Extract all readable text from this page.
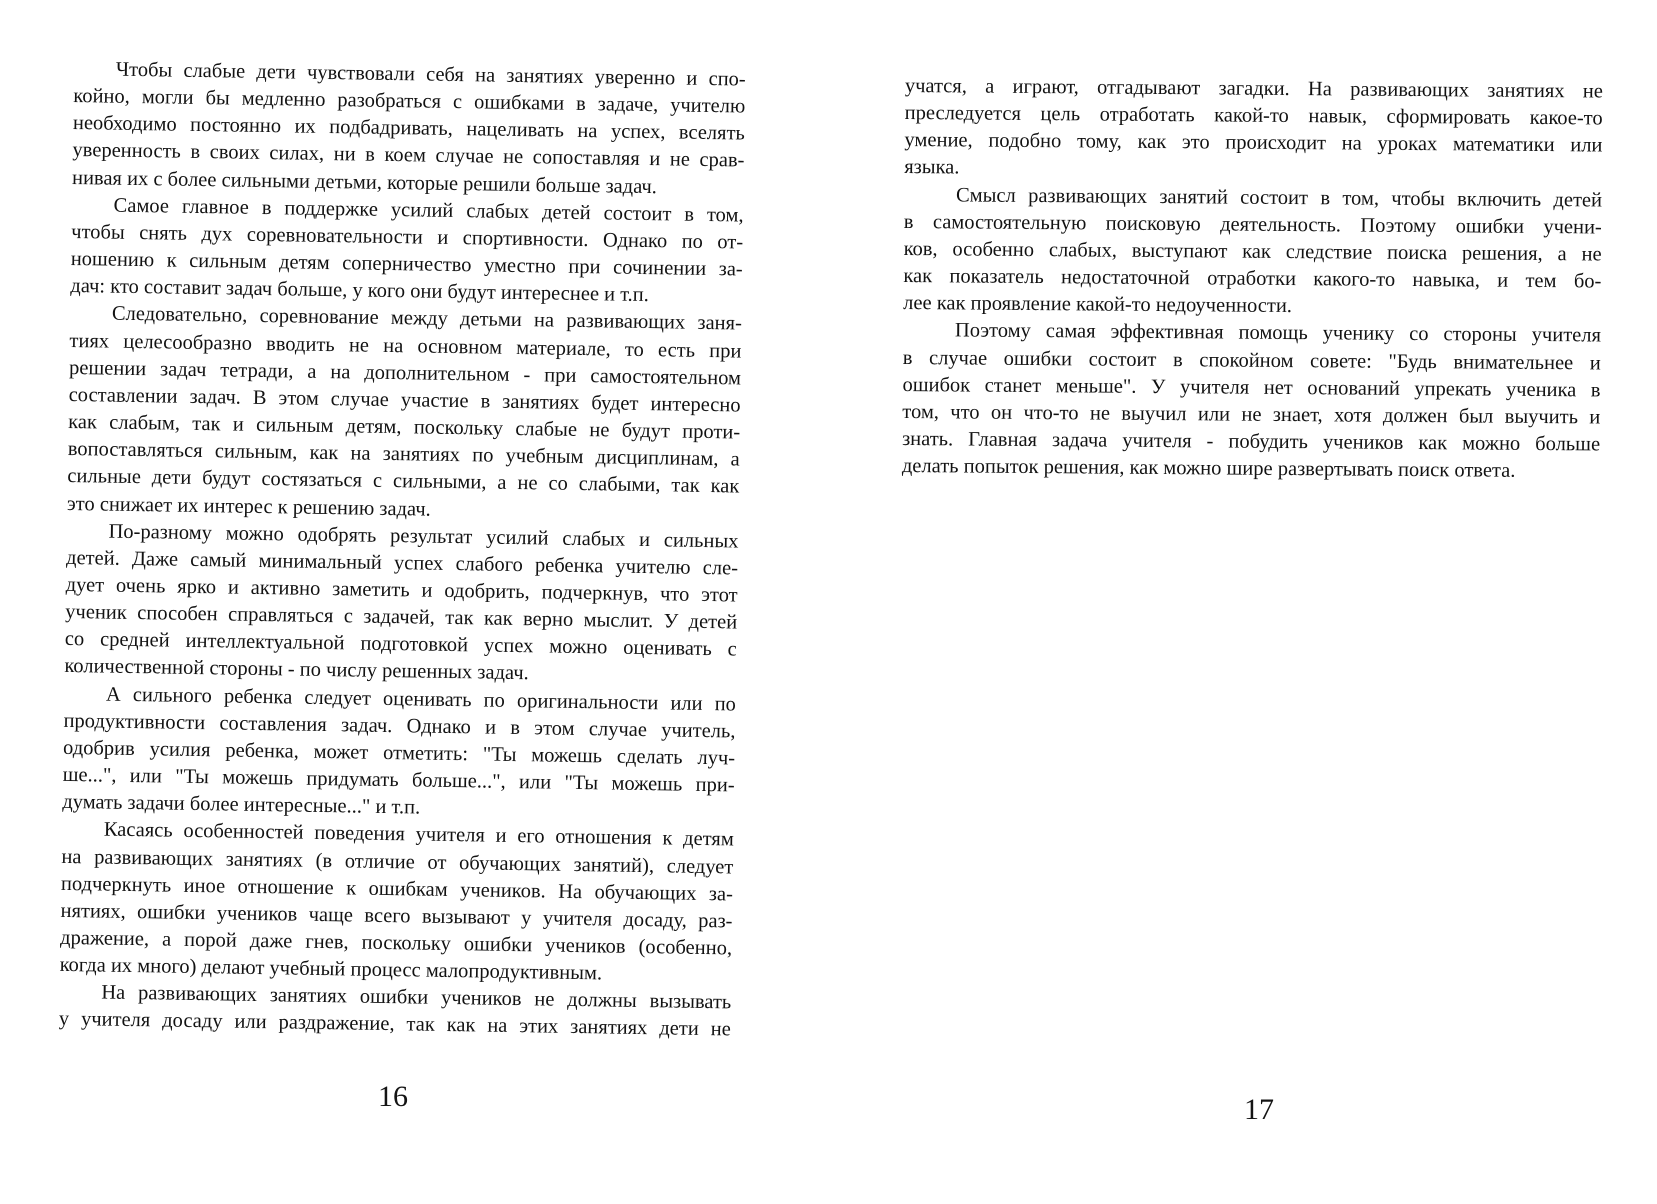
Чтобы слабые дети чувствовали себя на занятиях уверенно и спо-
койно, могли бы медленно разобраться с ошибками в задаче, учителю
необходимо постоянно их подбадривать, нацеливать на успех, вселять
уверенность в своих силах, ни в коем случае не сопоставляя и не срав-
нивая их с более сильными детьми, которые решили больше задач.
Самое главное в поддержке усилий слабых детей состоит в том,
чтобы снять дух соревновательности и спортивности. Однако по от-
ношению к сильным детям соперничество уместно при сочинении за-
дач: кто составит задач больше, у кого они будут интереснее и т.п.
Следовательно, соревнование между детьми на развивающих заня-
тиях целесообразно вводить не на основном материале, то есть при
решении задач тетради, а на дополнительном - при самостоятельном
составлении задач. В этом случае участие в занятиях будет интересно
как слабым, так и сильным детям, поскольку слабые не будут проти-
вопоставляться сильным, как на занятиях по учебным дисциплинам, а
сильные дети будут состязаться с сильными, а не со слабыми, так как
это снижает их интерес к решению задач.
По-разному можно одобрять результат усилий слабых и сильных
детей. Даже самый минимальный успех слабого ребенка учителю сле-
дует очень ярко и активно заметить и одобрить, подчеркнув, что этот
ученик способен справляться с задачей, так как верно мыслит. У детей
со средней интеллектуальной подготовкой успех можно оценивать с
количественной стороны - по числу решенных задач.
А сильного ребенка следует оценивать по оригинальности или по
продуктивности составления задач. Однако и в этом случае учитель,
одобрив усилия ребенка, может отметить: "Ты можешь сделать луч-
ше...", или "Ты можешь придумать больше...", или "Ты можешь при-
думать задачи более интересные..." и т.п.
Касаясь особенностей поведения учителя и его отношения к детям
на развивающих занятиях (в отличие от обучающих занятий), следует
подчеркнуть иное отношение к ошибкам учеников. На обучающих за-
нятиях, ошибки учеников чаще всего вызывают у учителя досаду, раз-
дражение, а порой даже гнев, поскольку ошибки учеников (особенно,
когда их много) делают учебный процесс малопродуктивным.
На развивающих занятиях ошибки учеников не должны вызывать
у учителя досаду или раздражение, так как на этих занятиях дети не
16
учатся, а играют, отгадывают загадки. На развивающих занятиях не
преследуется цель отработать какой-то навык, сформировать какое-то
умение, подобно тому, как это происходит на уроках математики или
языка.
Смысл развивающих занятий состоит в том, чтобы включить детей
в самостоятельную поисковую деятельность. Поэтому ошибки учени-
ков, особенно слабых, выступают как следствие поиска решения, а не
как показатель недостаточной отработки какого-то навыка, и тем бо-
лее как проявление какой-то недоученности.
Поэтому самая эффективная помощь ученику со стороны учителя
в случае ошибки состоит в спокойном совете: "Будь внимательнее и
ошибок станет меньше". У учителя нет оснований упрекать ученика в
том, что он что-то не выучил или не знает, хотя должен был выучить и
знать. Главная задача учителя - побудить учеников как можно больше
делать попыток решения, как можно шире развертывать поиск ответа.
17
